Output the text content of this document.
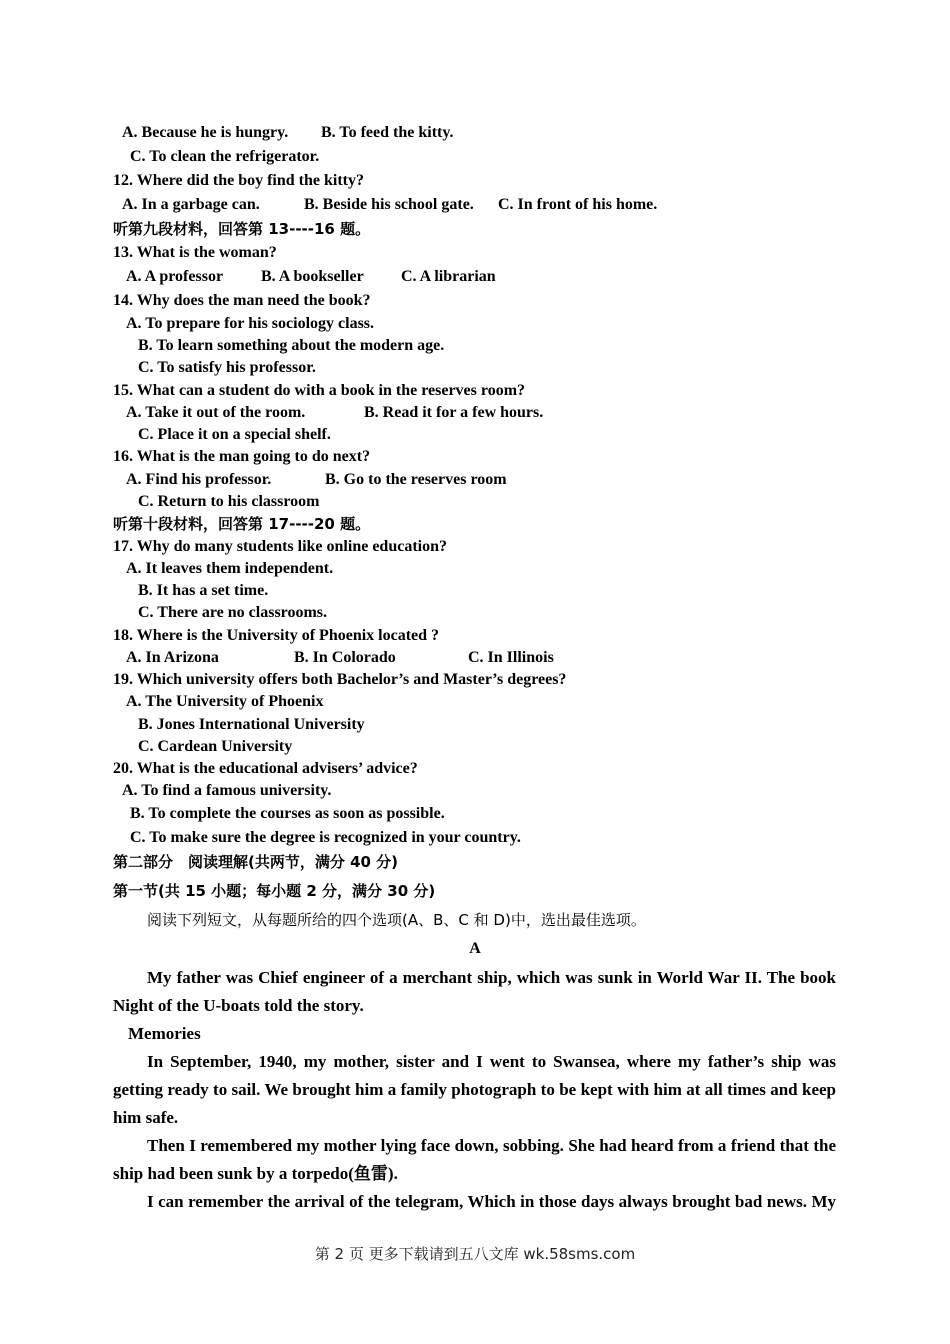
A. Because he is hungry. B. To feed the kitty.
C. To clean the refrigerator.
12. Where did the boy find the kitty?
A. In a garbage can.	B. Beside his school gate. C. In front of his home.
听第九段材料，回答第 13----16 题。
13. What is the woman?
A. A professor B. A bookseller C. A librarian
14. Why does the man need the book?
A. To prepare for his sociology class.
B. To learn something about the modern age.
C. To satisfy his professor.
15. What can a student do with a book in the reserves room?
A. Take it out of the room.	B. Read it for a few hours.
C. Place it on a special shelf.
16. What is the man going to do next?
A. Find his professor.	B. Go to the reserves room
C. Return to his classroom
听第十段材料，回答第 17----20 题。
17. Why do many students like online education?
A. It leaves them independent.
B. It has a set time.
C. There are no classrooms.
18. Where is the University of Phoenix located ?
A. In Arizona	B. In Colorado	C. In Illinois
19. Which university offers both Bachelor’s and Master’s degrees?
A. The University of Phoenix
B. Jones International University
C. Cardean University
20. What is the educational advisers’ advice?
A. To find a famous university.
B. To complete the courses as soon as possible.
C. To make sure the degree is recognized in your country.
第二部分　阅读理解(共两节，满分 40 分)
第一节(共 15 小题；每小题 2 分，满分 30 分)
阅读下列短文，从每题所给的四个选项(A、B、C 和 D)中，选出最佳选项。
A
My father was Chief engineer of a merchant ship, which was sunk in World War II. The book
Night of the U-boats told the story.
Memories
In September, 1940, my mother, sister and I went to Swansea, where my father’s ship was
getting ready to sail. We brought him a family photograph to be kept with him at all times and keep
him safe.
Then I remembered my mother lying face down, sobbing. She had heard from a friend that the
ship had been sunk by a torpedo(鱼雷).
I can remember the arrival of the telegram, Which in those days always brought bad news. My
第 2 页 更多下载请到五八文库 wk.58sms.com
